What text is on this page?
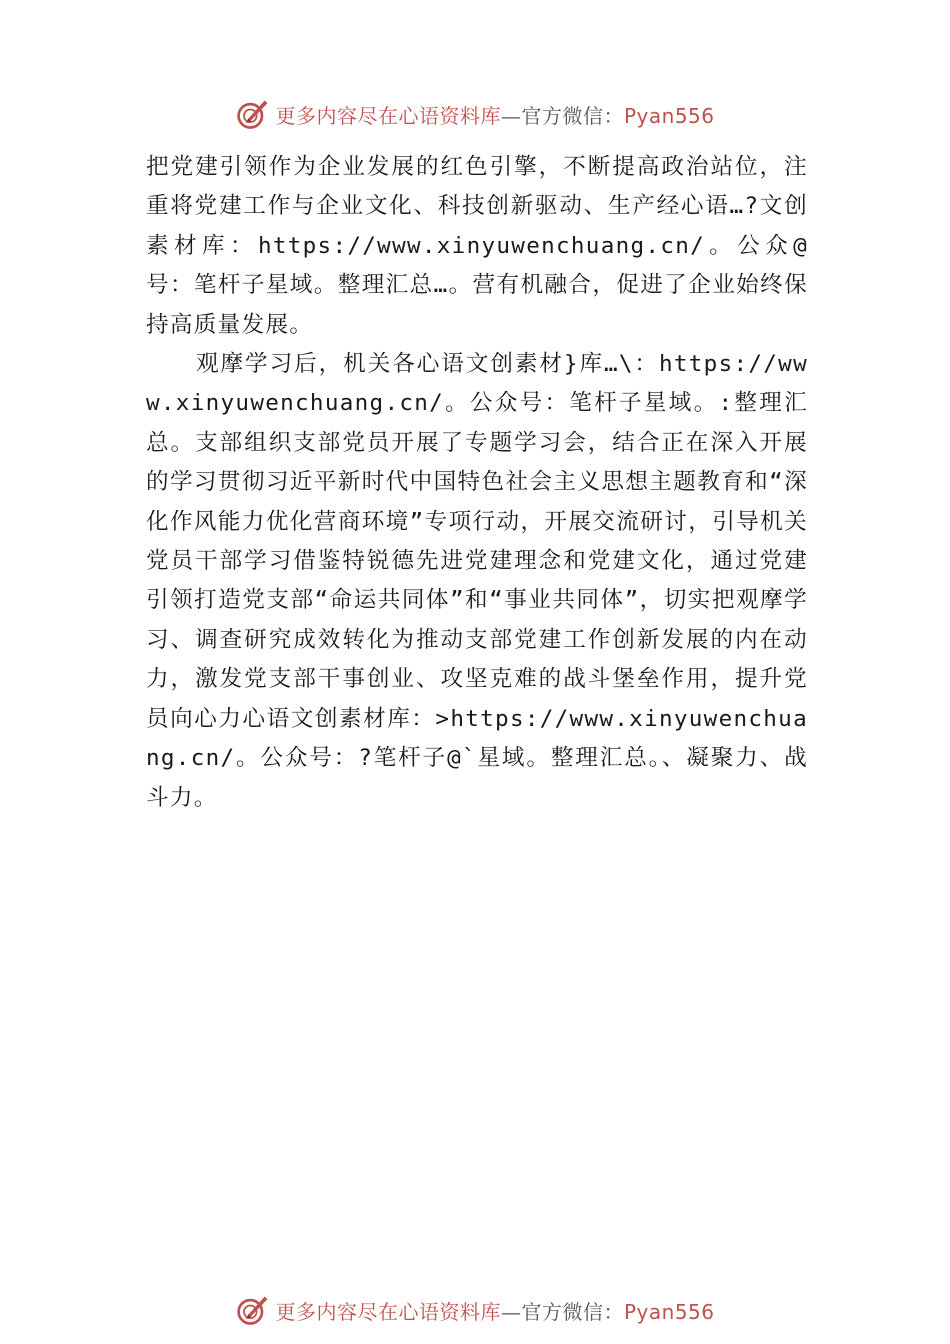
更多内容尽在心语资料库—官方微信：Pyan556

把党建引领作为企业发展的红色引擎，不断提高政治站位，注重将党建工作与企业文化、科技创新驱动、生产经心语…?文创素材库：https://www.xinyuwenchuang.cn/。公众@号：笔杆子星域。整理汇总…。营有机融合，促进了企业始终保持高质量发展。

观摩学习后，机关各心语文创素材}库…\：https://www.xinyuwenchuang.cn/。公众号：笔杆子星域。:整理汇总。支部组织支部党员开展了专题学习会，结合正在深入开展的学习贯彻习近平新时代中国特色社会主义思想主题教育和“深化作风能力优化营商环境”专项行动，开展交流研讨，引导机关党员干部学习借鉴特锐德先进党建理念和党建文化，通过党建引领打造党支部“命运共同体”和“事业共同体”，切实把观摩学习、调查研究成效转化为推动支部党建工作创新发展的内在动力，激发党支部干事创业、攻坚克难的战斗堡垒作用，提升党员向心力心语文创素材库：>https://www.xinyuwenchuang.cn/。公众号：?笔杆子@`星域。整理汇总。、凝聚力、战斗力。

更多内容尽在心语资料库—官方微信：Pyan556
